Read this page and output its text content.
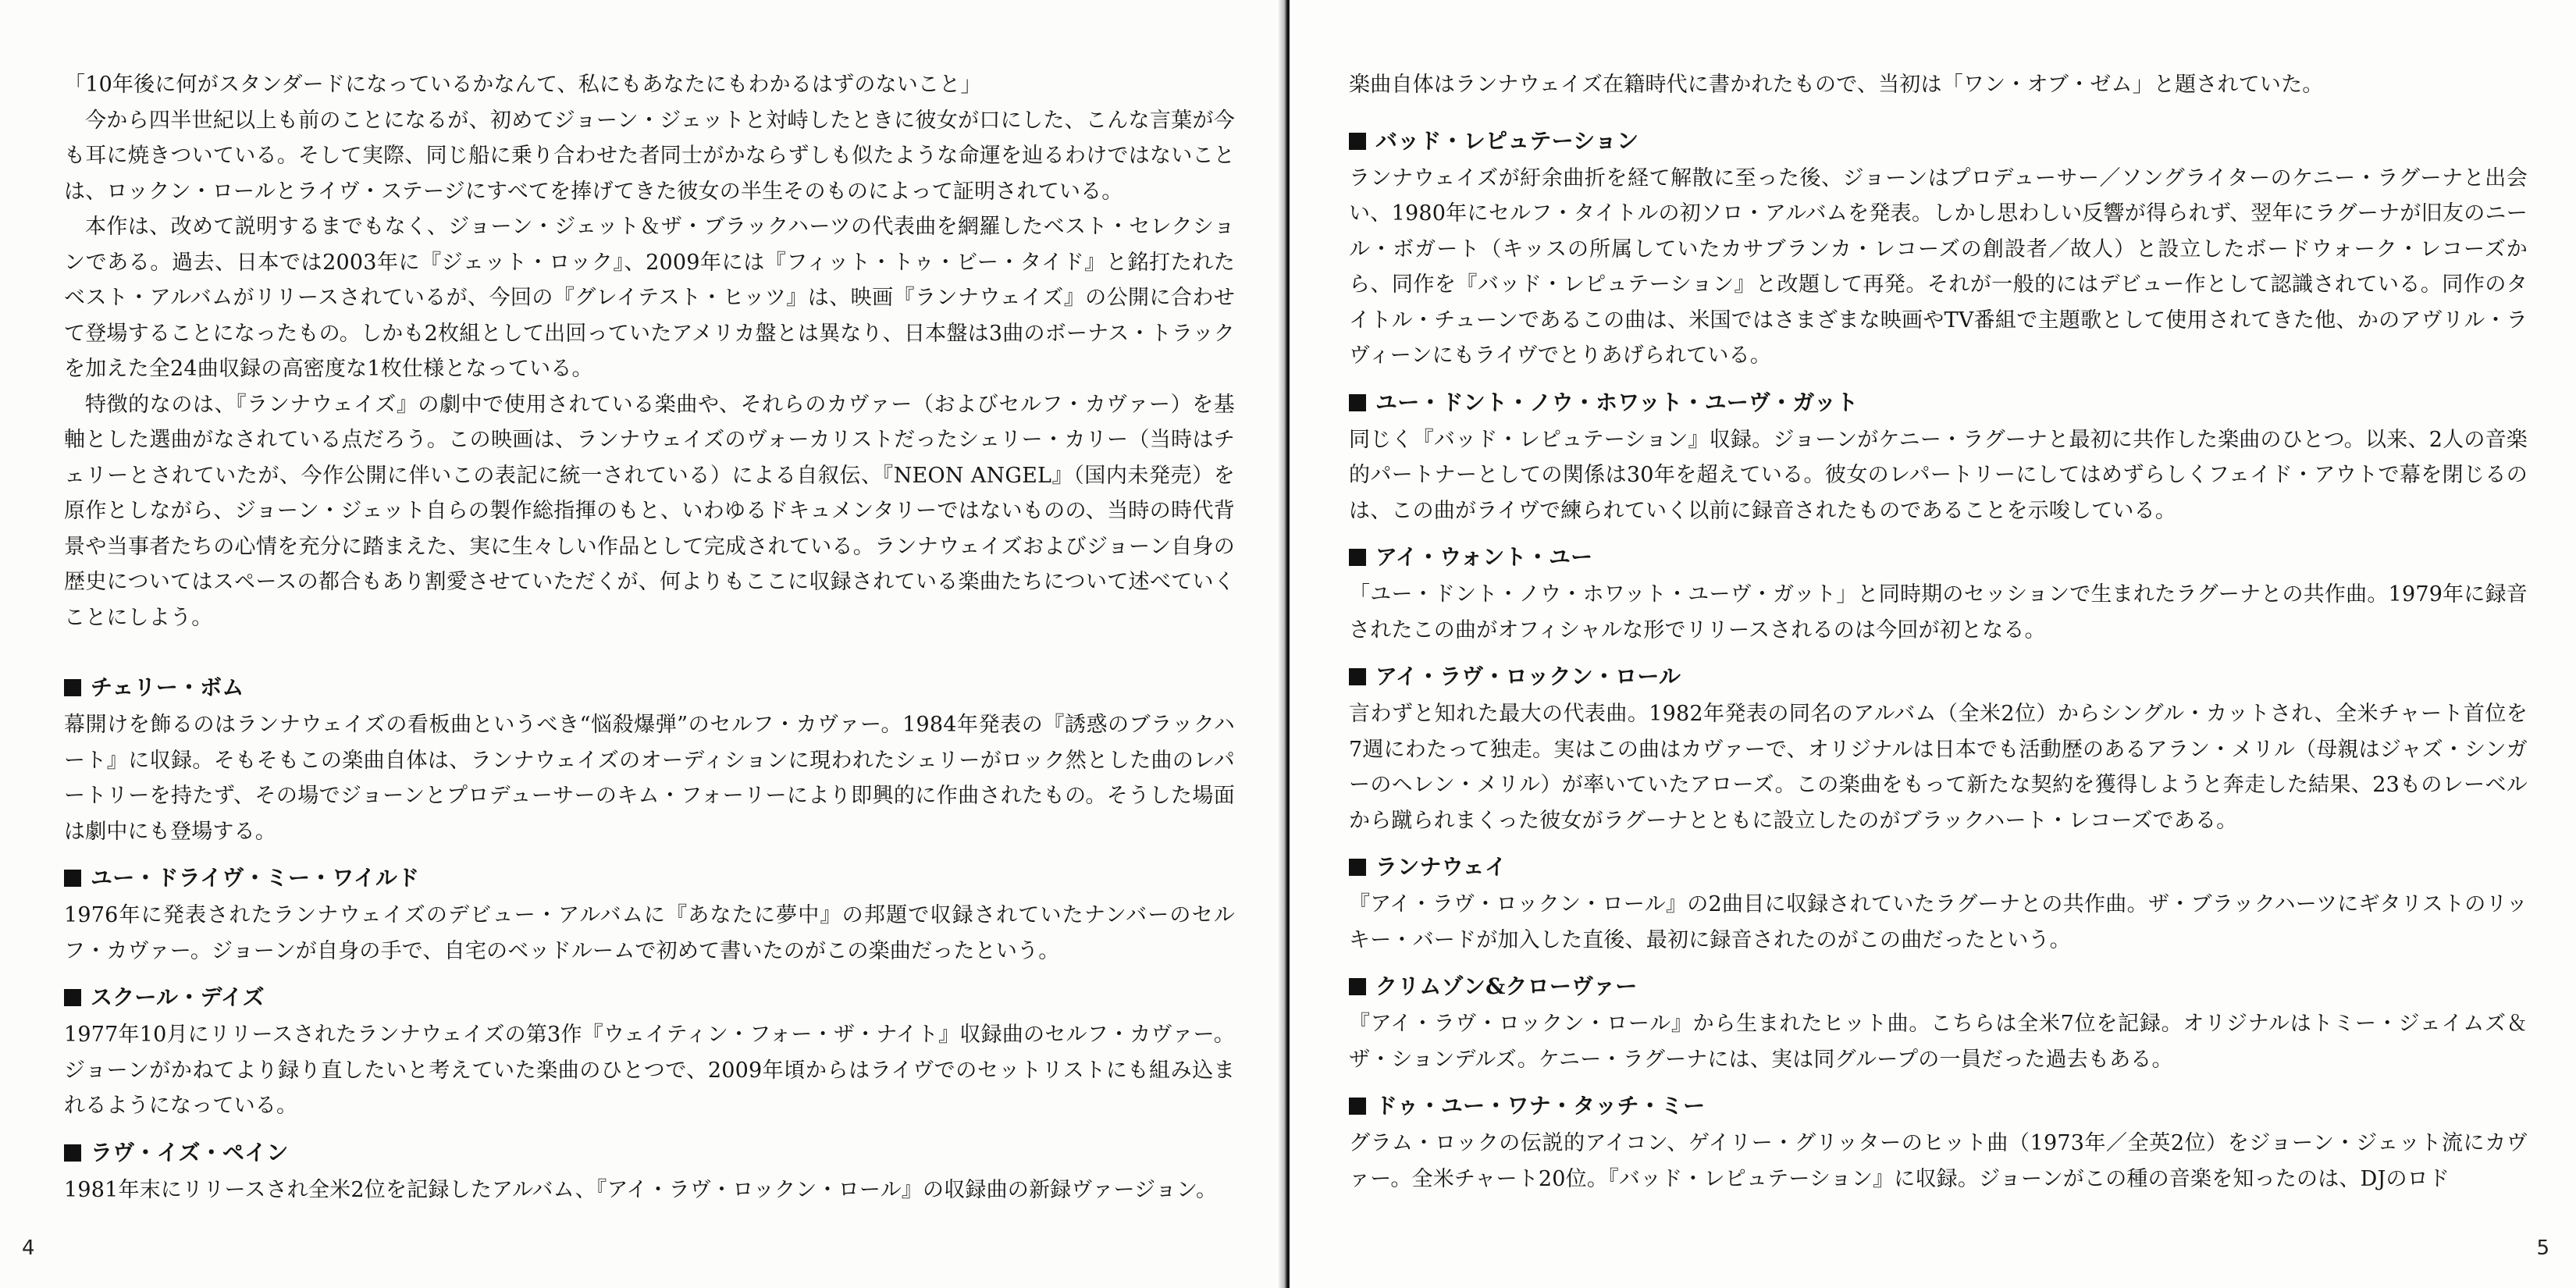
「10年後に何がスタンダードになっているかなんて、私にもあなたにもわかるはずのないこと」

今から四半世紀以上も前のことになるが、初めてジョーン・ジェットと対峙したときに彼女が口にした、こんな言葉が今も耳に焼きついている。そして実際、同じ船に乗り合わせた者同士がかならずしも似たような命運を辿るわけではないことは、ロックン・ロールとライヴ・ステージにすべてを捧げてきた彼女の半生そのものによって証明されている。

本作は、改めて説明するまでもなく、ジョーン・ジェット＆ザ・ブラックハーツの代表曲を網羅したベスト・セレクションである。過去、日本では2003年に『ジェット・ロック』、2009年には『フィット・トゥ・ビー・タイド』と銘打たれたベスト・アルバムがリリースされているが、今回の『グレイテスト・ヒッツ』は、映画『ランナウェイズ』の公開に合わせて登場することになったもの。しかも2枚組として出回っていたアメリカ盤とは異なり、日本盤は3曲のボーナス・トラックを加えた全24曲収録の高密度な1枚仕様となっている。

特徴的なのは、『ランナウェイズ』の劇中で使用されている楽曲や、それらのカヴァー（およびセルフ・カヴァー）を基軸とした選曲がなされている点だろう。この映画は、ランナウェイズのヴォーカリストだったシェリー・カリー（当時はチェリーとされていたが、今作公開に伴いこの表記に統一されている）による自叙伝、『NEON ANGEL』（国内未発売）を原作としながら、ジョーン・ジェット自らの製作総指揮のもと、いわゆるドキュメンタリーではないものの、当時の時代背景や当事者たちの心情を充分に踏まえた、実に生々しい作品として完成されている。ランナウェイズおよびジョーン自身の歴史についてはスペースの都合もあり割愛させていただくが、何よりもここに収録されている楽曲たちについて述べていくことにしよう。

チェリー・ボム

幕開けを飾るのはランナウェイズの看板曲というべき“悩殺爆弾”のセルフ・カヴァー。1984年発表の『誘惑のブラックハート』に収録。そもそもこの楽曲自体は、ランナウェイズのオーディションに現われたシェリーがロック然とした曲のレパートリーを持たず、その場でジョーンとプロデューサーのキム・フォーリーにより即興的に作曲されたもの。そうした場面は劇中にも登場する。

ユー・ドライヴ・ミー・ワイルド

1976年に発表されたランナウェイズのデビュー・アルバムに『あなたに夢中』の邦題で収録されていたナンバーのセルフ・カヴァー。ジョーンが自身の手で、自宅のベッドルームで初めて書いたのがこの楽曲だったという。

スクール・デイズ

1977年10月にリリースされたランナウェイズの第3作『ウェイティン・フォー・ザ・ナイト』収録曲のセルフ・カヴァー。ジョーンがかねてより録り直したいと考えていた楽曲のひとつで、2009年頃からはライヴでのセットリストにも組み込まれるようになっている。

ラヴ・イズ・ペイン

1981年末にリリースされ全米2位を記録したアルバム、『アイ・ラヴ・ロックン・ロール』の収録曲の新録ヴァージョン。

4

楽曲自体はランナウェイズ在籍時代に書かれたもので、当初は「ワン・オブ・ゼム」と題されていた。

バッド・レピュテーション

ランナウェイズが紆余曲折を経て解散に至った後、ジョーンはプロデューサー／ソングライターのケニー・ラグーナと出会い、1980年にセルフ・タイトルの初ソロ・アルバムを発表。しかし思わしい反響が得られず、翌年にラグーナが旧友のニール・ボガート（キッスの所属していたカサブランカ・レコーズの創設者／故人）と設立したボードウォーク・レコーズから、同作を『バッド・レピュテーション』と改題して再発。それが一般的にはデビュー作として認識されている。同作のタイトル・チューンであるこの曲は、米国ではさまざまな映画やTV番組で主題歌として使用されてきた他、かのアヴリル・ラヴィーンにもライヴでとりあげられている。

ユー・ドント・ノウ・ホワット・ユーヴ・ガット

同じく『バッド・レピュテーション』収録。ジョーンがケニー・ラグーナと最初に共作した楽曲のひとつ。以来、2人の音楽的パートナーとしての関係は30年を超えている。彼女のレパートリーにしてはめずらしくフェイド・アウトで幕を閉じるのは、この曲がライヴで練られていく以前に録音されたものであることを示唆している。

アイ・ウォント・ユー

「ユー・ドント・ノウ・ホワット・ユーヴ・ガット」と同時期のセッションで生まれたラグーナとの共作曲。1979年に録音されたこの曲がオフィシャルな形でリリースされるのは今回が初となる。

アイ・ラヴ・ロックン・ロール

言わずと知れた最大の代表曲。1982年発表の同名のアルバム（全米2位）からシングル・カットされ、全米チャート首位を7週にわたって独走。実はこの曲はカヴァーで、オリジナルは日本でも活動歴のあるアラン・メリル（母親はジャズ・シンガーのヘレン・メリル）が率いていたアローズ。この楽曲をもって新たな契約を獲得しようと奔走した結果、23ものレーベルから蹴られまくった彼女がラグーナとともに設立したのがブラックハート・レコーズである。

ランナウェイ

『アイ・ラヴ・ロックン・ロール』の2曲目に収録されていたラグーナとの共作曲。ザ・ブラックハーツにギタリストのリッキー・バードが加入した直後、最初に録音されたのがこの曲だったという。

クリムゾン&クローヴァー

『アイ・ラヴ・ロックン・ロール』から生まれたヒット曲。こちらは全米7位を記録。オリジナルはトミー・ジェイムズ＆ザ・ションデルズ。ケニー・ラグーナには、実は同グループの一員だった過去もある。

ドゥ・ユー・ワナ・タッチ・ミー

グラム・ロックの伝説的アイコン、ゲイリー・グリッターのヒット曲（1973年／全英2位）をジョーン・ジェット流にカヴァー。全米チャート20位。『バッド・レピュテーション』に収録。ジョーンがこの種の音楽を知ったのは、DJのロド

5
